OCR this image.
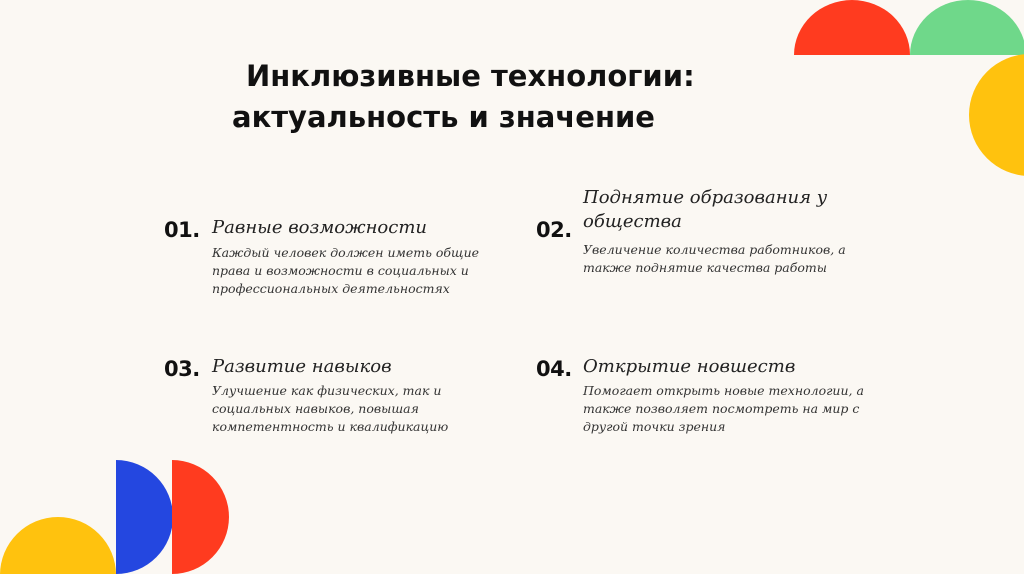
Инклюзивные технологии:
актуальность и значение
01. Равные возможности

Каждый человек должен иметь общие права и возможности в социальных и профессиональных деятельностях

02.

Поднятие образования у общества

Увеличение количества работников, а также поднятие качества работы

03. Развитие навыков

Улучшение как физических, так и социальных навыков, повышая компетентность и квалификацию

04. Открытие новшеств

Помогает открыть новые технологии, а также позволяет посмотреть на мир с другой точки зрения
